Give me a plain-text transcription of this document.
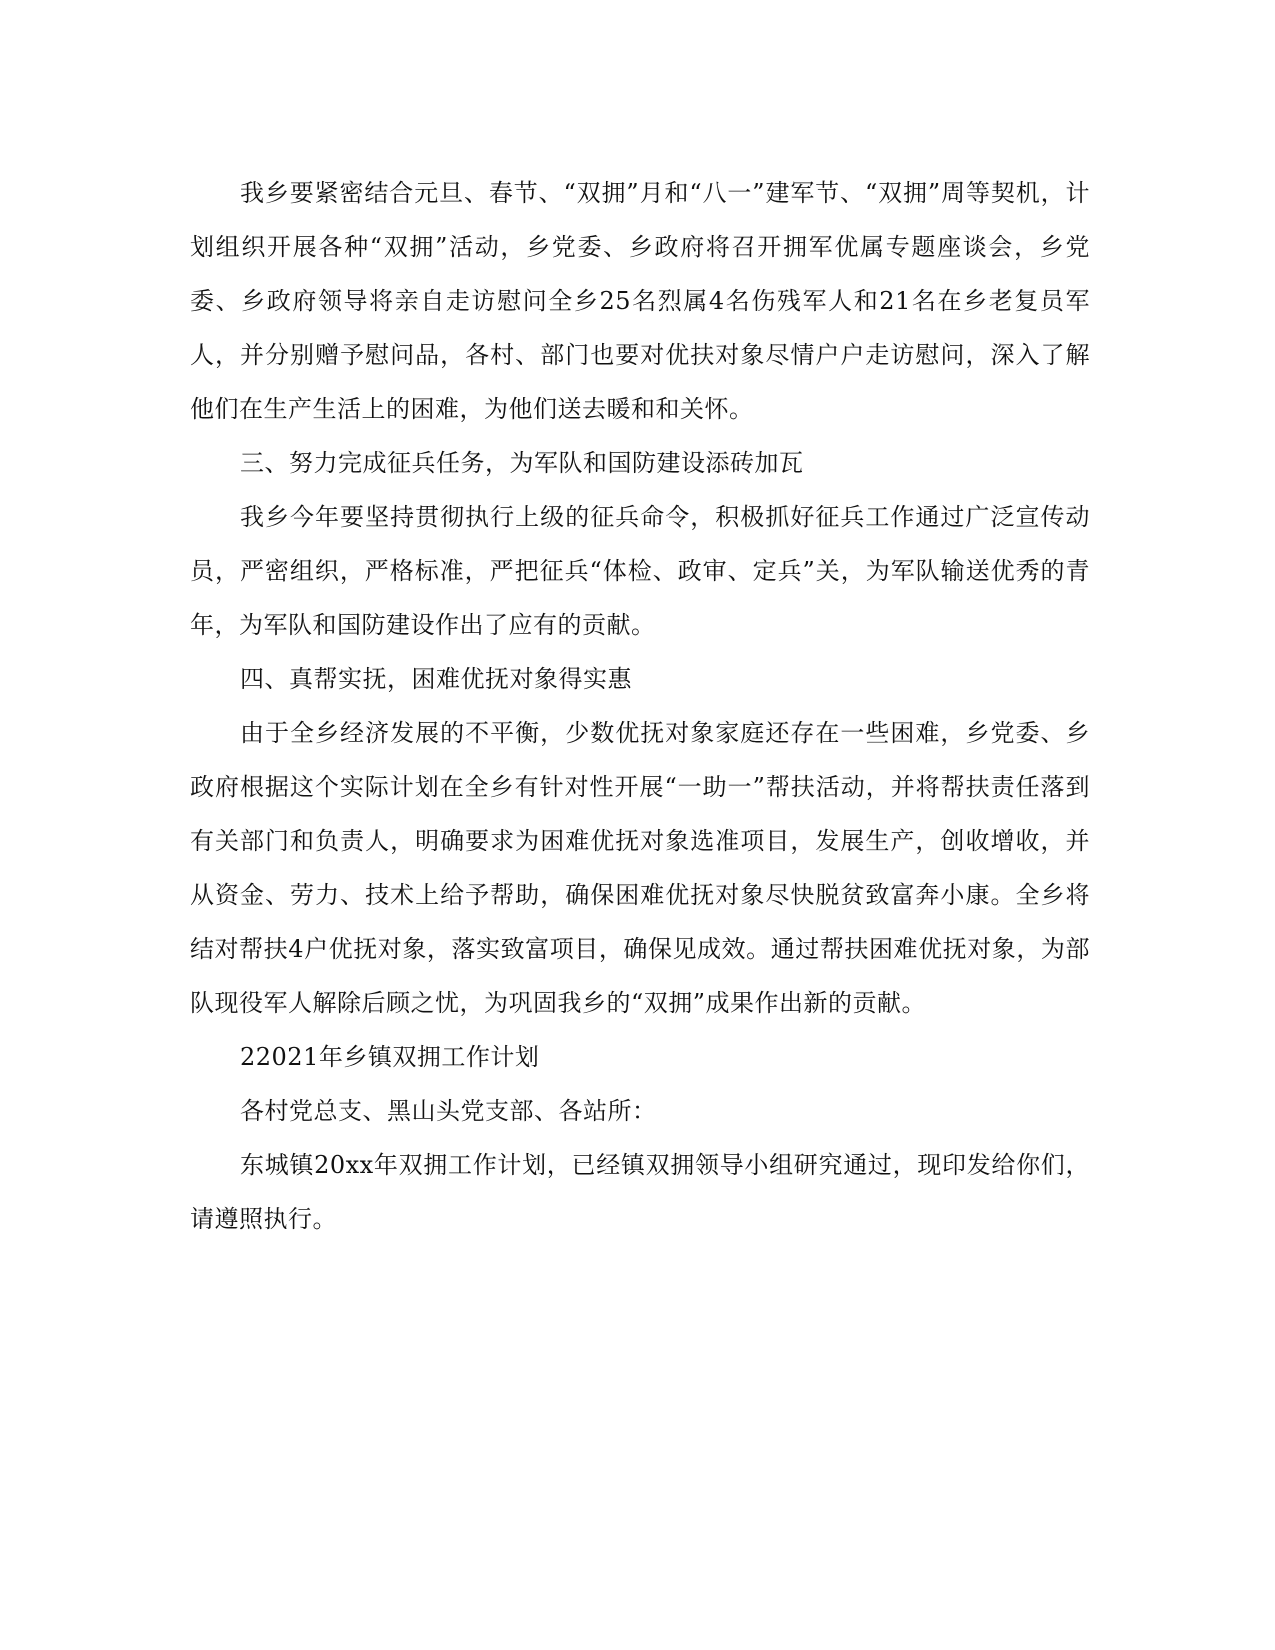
我乡要紧密结合元旦、春节、“双拥”月和“八一”建军节、“双拥”周等契机，计划组织开展各种“双拥”活动，乡党委、乡政府将召开拥军优属专题座谈会，乡党委、乡政府领导将亲自走访慰问全乡25名烈属4名伤残军人和21名在乡老复员军人，并分别赠予慰问品，各村、部门也要对优扶对象尽情户户走访慰问，深入了解他们在生产生活上的困难，为他们送去暖和和关怀。

三、努力完成征兵任务，为军队和国防建设添砖加瓦

我乡今年要坚持贯彻执行上级的征兵命令，积极抓好征兵工作通过广泛宣传动员，严密组织，严格标准，严把征兵“体检、政审、定兵”关，为军队输送优秀的青年，为军队和国防建设作出了应有的贡献。

四、真帮实抚，困难优抚对象得实惠

由于全乡经济发展的不平衡，少数优抚对象家庭还存在一些困难，乡党委、乡政府根据这个实际计划在全乡有针对性开展“一助一”帮扶活动，并将帮扶责任落到有关部门和负责人，明确要求为困难优抚对象选准项目，发展生产，创收增收，并从资金、劳力、技术上给予帮助，确保困难优抚对象尽快脱贫致富奔小康。全乡将结对帮扶4户优抚对象，落实致富项目，确保见成效。通过帮扶困难优抚对象，为部队现役军人解除后顾之忧，为巩固我乡的“双拥”成果作出新的贡献。

22021年乡镇双拥工作计划

各村党总支、黑山头党支部、各站所：

东城镇20xx年双拥工作计划，已经镇双拥领导小组研究通过，现印发给你们，请遵照执行。
